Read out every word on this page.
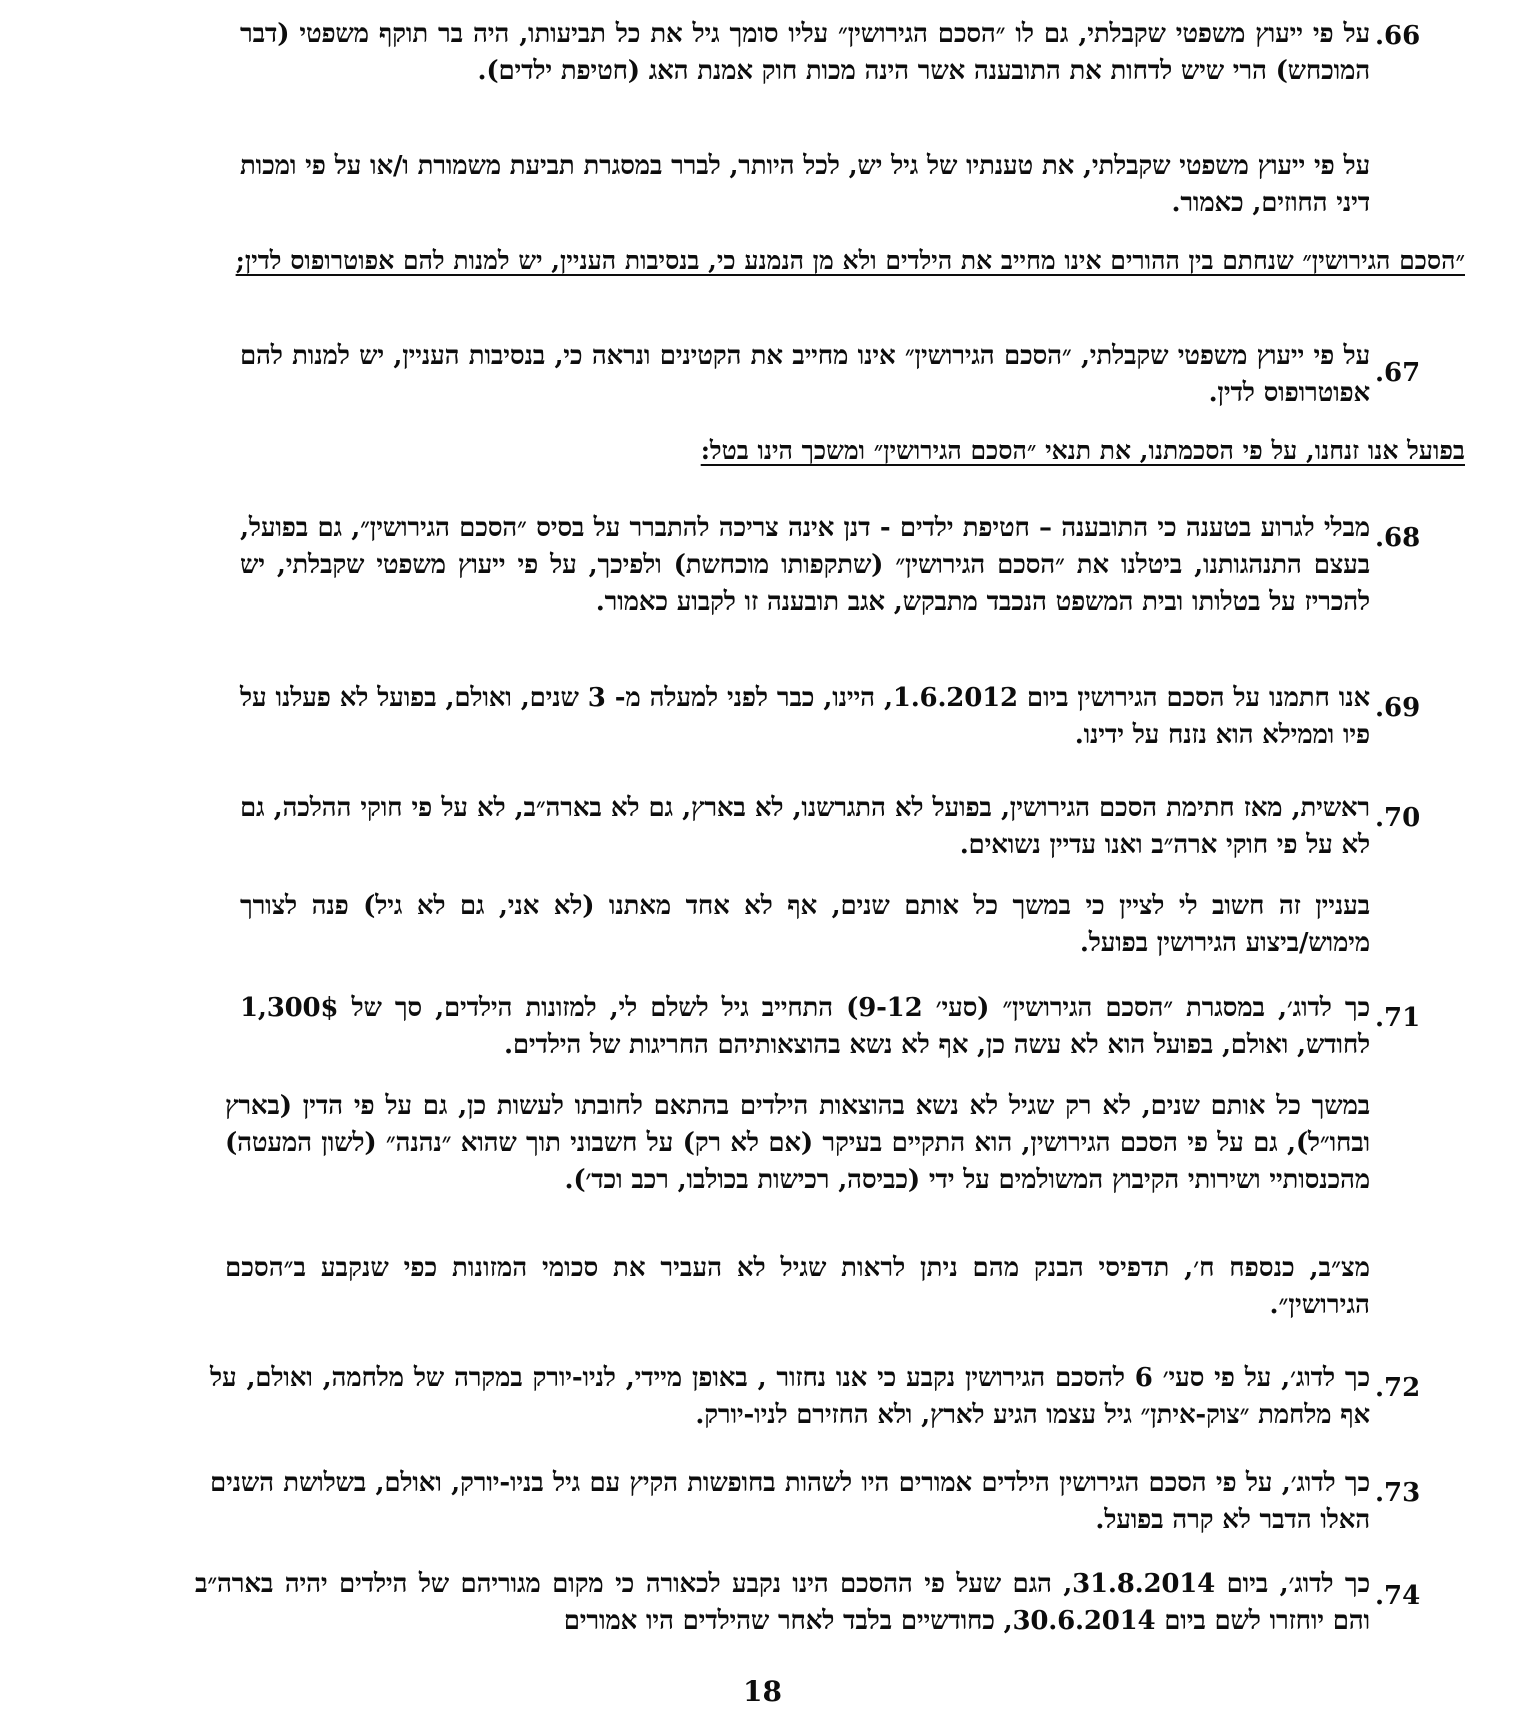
.66
על פי ייעוץ משפטי שקבלתי, גם לו ״הסכם הגירושין״ עליו סומך גיל את כל תביעותו, היה בר תוקף משפטי (דבר המוכחש) הרי שיש לדחות את התובענה אשר הינה מכות חוק אמנת האג (חטיפת ילדים).
על פי ייעוץ משפטי שקבלתי, את טענתיו של גיל יש, לכל היותר, לברר במסגרת תביעת משמורת ו/או על פי ומכות דיני החוזים, כאמור.
״הסכם הגירושין״ שנחתם בין ההורים אינו מחייב את הילדים ולא מן הנמנע כי, בנסיבות העניין, יש למנות להם אפוטרופוס לדין;
.67
על פי ייעוץ משפטי שקבלתי, ״הסכם הגירושין״ אינו מחייב את הקטינים ונראה כי, בנסיבות העניין, יש למנות להם אפוטרופוס לדין.
בפועל אנו זנחנו, על פי הסכמתנו, את תנאי ״הסכם הגירושין״ ומשכך הינו בטל:
.68
מבלי לגרוע בטענה כי התובענה – חטיפת ילדים - דנן אינה צריכה להתברר על בסיס ״הסכם הגירושין״, גם בפועל, בעצם התנהגותנו, ביטלנו את ״הסכם הגירושין״ (שתקפותו מוכחשת) ולפיכך, על פי ייעוץ משפטי שקבלתי, יש להכריז על בטלותו ובית המשפט הנכבד מתבקש, אגב תובענה זו לקבוע כאמור.
.69
אנו חתמנו על הסכם הגירושין ביום 1.6.2012, היינו, כבר לפני למעלה מ- 3 שנים, ואולם, בפועל לא פעלנו על פיו וממילא הוא נזנח על ידינו.
.70
ראשית, מאז חתימת הסכם הגירושין, בפועל לא התגרשנו, לא בארץ, גם לא בארה״ב, לא על פי חוקי ההלכה, גם לא על פי חוקי ארה״ב ואנו עדיין נשואים.
בעניין זה חשוב לי לציין כי במשך כל אותם שנים, אף לא אחד מאתנו (לא אני, גם לא גיל) פנה לצורך מימוש/ביצוע הגירושין בפועל.
.71
כך לדוג׳, במסגרת ״הסכם הגירושין״ (סעי׳ 9-12) התחייב גיל לשלם לי, למזונות הילדים, סך של 1,300$ לחודש, ואולם, בפועל הוא לא עשה כן, אף לא נשא בהוצאותיהם החריגות של הילדים.
במשך כל אותם שנים, לא רק שגיל לא נשא בהוצאות הילדים בהתאם לחובתו לעשות כן, גם על פי הדין (בארץ ובחו״ל), גם על פי הסכם הגירושין, הוא התקיים בעיקר (אם לא רק) על חשבוני תוך שהוא ״נהנה״ (לשון המעטה) מהכנסותיי ושירותי הקיבוץ המשולמים על ידי (כביסה, רכישות בכולבו, רכב וכד׳).
מצ״ב, כנספח ח׳, תדפיסי הבנק מהם ניתן לראות שגיל לא העביר את סכומי המזונות כפי שנקבע ב״הסכם הגירושין״.
.72
כך לדוג׳, על פי סעי׳ 6 להסכם הגירושין נקבע כי אנו נחזור , באופן מיידי, לניו-יורק במקרה של מלחמה, ואולם, על אף מלחמת ״צוק-איתן״ גיל עצמו הגיע לארץ, ולא החזירם לניו-יורק.
.73
כך לדוג׳, על פי הסכם הגירושין הילדים אמורים היו לשהות בחופשות הקיץ עם גיל בניו-יורק, ואולם, בשלושת השנים האלו הדבר לא קרה בפועל.
.74
כך לדוג׳, ביום 31.8.2014, הגם שעל פי ההסכם הינו נקבע לכאורה כי מקום מגוריהם של הילדים יהיה בארה״ב והם יוחזרו לשם ביום 30.6.2014, כחודשיים בלבד לאחר שהילדים היו אמורים
18
